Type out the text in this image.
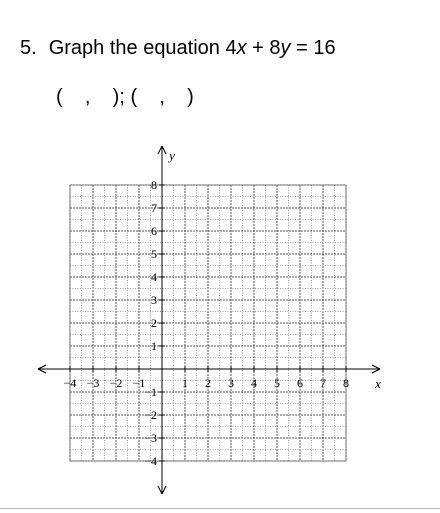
5. Graph the equation 4x + 8y = 16
(    ,    ); (    ,    )
−4 −3 −2 −1	1 2 3 4 5 6 7 8
8
7
6
5
4
3
2
1
−1
−2
−3
−4
x
y
